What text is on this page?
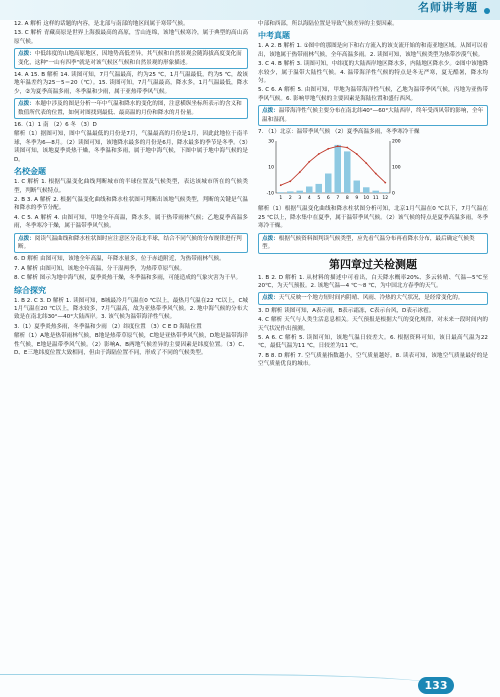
名师讲考题

12. A 解析 这样的话题的内容，是北部与南部的地区间属于寒带气候。

13. C 解析 青藏高原是世界上海拔最高的高原，雪山连绵，该地气候寒冷，属于典型的高山高原气候。

点拨：中低纬度的山地高原地区，因地势高低差异，其气候和自然景观会随海拔高度变化而变化，这种"一山有四季"就是对该气候区气候和自然景观的形象描述。

14. A 15. B 解析 14. 读图可知，7月气温最高，约为25 ℃，1月气温最低，约为5 ℃，故该地年温差约为25－5＝20（℃）。15. 读图可知，7月气温最高，降水多，1月气温最低，降水少，②为夏季高温多雨，冬季温和少雨，属于亚热带季风气候。

点拨：本题中涉及的图是分析一年中气温和降水的变化的图，注意横纵坐标所表示的含义和数值所代表的位置，如何对图找到最低、最高温的月份和降水的月份量。

16.（1）1 南 （2）6 冬 （3）D

解析（1）据图可知，图中气温最低的月份是7月，气温最高的月份是1月，因此此地位于南半球，冬季为6—8月。（2）读图可知，该地降水最多的月份是6月，降水最多的季节是冬季。（3）读图可知，该地夏季炎热干燥，冬季温和多雨，属于地中海气候，下图中属于地中海气候的是D。

名校金题

1. C 解析 1. 根据气温变化曲线判断城市的半球位置及气候类型，表达该城市所在的气候类型，判断气候特点。

2. B 3. A 解析 2. 根据气温变化曲线和降水柱状图可判断出该地气候类型，判断的关键是气温和降水的季节分配。

4. C 5. A 解析 4. 由图可知，甲地全年高温，降水多，属于热带雨林气候；乙地夏季高温多雨，冬季寒冷干燥，属于温带季风气候。

点拨：阅读气温曲线和降水柱状图时应注意区分南北半球，结合不同气候的分布规律进行判断。

6. D 解析 由图可知，该地全年高温，年降水量多，位于赤道附近，为热带雨林气候。

7. A 解析 由图可知，该地全年高温，分干湿两季，为热带草原气候。

8. C 解析 图示为地中海气候，夏季炎热干燥，冬季温和多雨，可能造成的气象灾害为干旱。

综合探究

1. B 2. C 3. D 解析 1. 读图可知，B城最冷月气温在0 ℃以上，最热月气温在22 ℃以上，C城1月气温在20 ℃以上，降水较多，7月气温高，故为亚热带季风气候。2. 地中海气候的分布大致是在南北纬30°—40°大陆西岸。3. 该气候为温带海洋性气候。

3.（1）夏季炎热多雨，冬季温和少雨 （2）纬度位置 （3）C E D 海陆位置

解析（1）A地是热带雨林气候，B地是热带草原气候，C地是亚热带季风气候，D地是温带海洋性气候，E地是温带季风气候。（2）影响A、B两地气候差异的主要因素是纬度位置。（3）C、D、E三地纬度位置大致相同，但由于海陆位置不同，形成了不同的气候类型。

中部和西部，所以海陆位置是导致气候差异的主要因素。

中考真题

1. A 2. B 解析 1. ①图中的那图是向下和右方流入的该支流开始的和南亚地区域。从图可以看出，该地属于热带雨林气候，全年高温多雨。2. 读图可知，该地气候类型为热带沙漠气候。

3. C 4. B 解析 3. 读图可知，中纬度的大陆西岸地区降水多，内陆地区降水少。②图中该地降水较少，属于温带大陆性气候。4. 温带海洋性气候的特点是冬无严寒，夏无酷暑，降水均匀。

5. C 6. A 解析 5. 由图可知，甲地为温带海洋性气候，乙地为温带季风气候，丙地为亚热带季风气候。6. 影响甲地气候的主要因素是海陆位置和盛行西风。

点拨：温带海洋性气候主要分布在南北纬40°—60°大陆西岸，终年受西风带的影响，全年温和湿润。

7. （1）北京：温带季风气候 （2）夏季高温多雨，冬季寒冷干燥

1 2 3 4 5 6 7 8 9 10 11 12
-10
10
30
0
100
200

解析（1）根据气温变化曲线和降水柱状图分析可知，北京1月气温在0 ℃以下，7月气温在25 ℃以上，降水集中在夏季，属于温带季风气候。（2）该气候的特点是夏季高温多雨，冬季寒冷干燥。

点拨：根据气候资料图判读气候类型，应先看气温分布再看降水分布，最后确定气候类型。
第四章过关检测题

1. B 2. D 解析 1. 从材料的描述中可看出，白天降水概率20%、多云转晴、气温—5℃至20℃，为天气预报。2. 该地气温—4 ℃～8 ℃，为中国北方春季的天气。

点拨：天气反映一个地方短时间内阴晴、风雨、冷热的大气状况，是经常变化的。

3. D 解析 读图可知，A表示雨，B表示霜冻，C表示台风，D表示冰雹。

4. C 解析 天气与人类生活息息相关。天气预报是根据大气的变化规律，对未来一段时间内的天气状况作出预测。

5. A 6. C 解析 5. 读图可知，该地气温日较差大。6. 根据资料可知，该日最高气温为22 ℃，最低气温为11 ℃，日较差为11 ℃。

7. B 8. D 解析 7. 空气质量指数越小，空气质量越好。8. 读表可知，该地空气质量最好的是空气质量优良的城市。

133
